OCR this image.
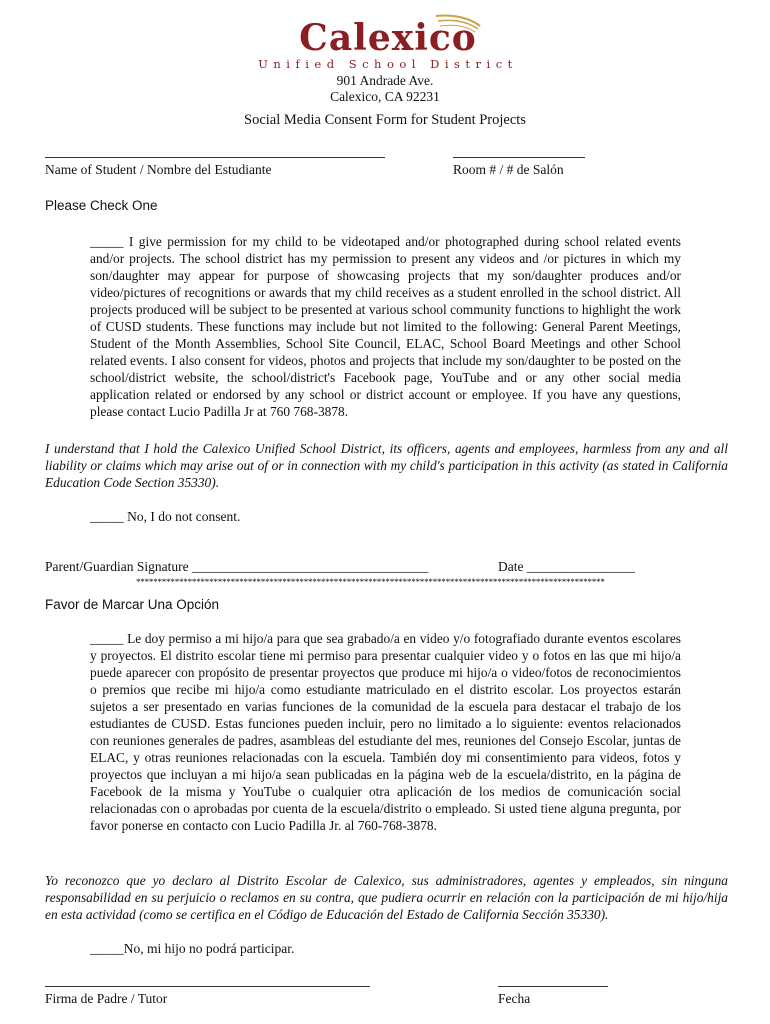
Calexico
Unified School District
901 Andrade Ave.
Calexico, CA 92231
Social Media Consent Form for Student Projects
Name of Student / Nombre del Estudiante	Room # / # de Salón
Please Check One
_____ I give permission for my child to be videotaped and/or photographed during school related events and/or projects. The school district has my permission to present any videos and /or pictures in which my son/daughter may appear for purpose of showcasing projects that my son/daughter produces and/or video/pictures of recognitions or awards that my child receives as a student enrolled in the school district. All projects produced will be subject to be presented at various school community functions to highlight the work of CUSD students. These functions may include but not limited to the following: General Parent Meetings, Student of the Month Assemblies, School Site Council, ELAC, School Board Meetings and other School related events. I also consent for videos, photos and projects that include my son/daughter to be posted on the school/district website, the school/district's Facebook page, YouTube and or any other social media application related or endorsed by any school or district account or employee. If you have any questions, please contact Lucio Padilla Jr at 760 768-3878.
I understand that I hold the Calexico Unified School District, its officers, agents and employees, harmless from any and all liability or claims which may arise out of or in connection with my child's participation in this activity (as stated in California Education Code Section 35330).
_____ No, I do not consent.
Parent/Guardian Signature ___________________________________	Date ________________
*************************************************************************************************************
Favor de Marcar Una Opción
_____ Le doy permiso a mi hijo/a para que sea grabado/a en video y/o fotografiado durante eventos escolares y proyectos. El distrito escolar tiene mi permiso para presentar cualquier video y o fotos en las que mi hijo/a puede aparecer con propósito de presentar proyectos que produce mi hijo/a o video/fotos de reconocimientos o premios que recibe mi hijo/a como estudiante matriculado en el distrito escolar. Los proyectos estarán sujetos a ser presentado en varias funciones de la comunidad de la escuela para destacar el trabajo de los estudiantes de CUSD. Estas funciones pueden incluir, pero no limitado a lo siguiente: eventos relacionados con reuniones generales de padres, asambleas del estudiante del mes, reuniones del Consejo Escolar, juntas de ELAC, y otras reuniones relacionadas con la escuela. También doy mi consentimiento para videos, fotos y proyectos que incluyan a mi hijo/a sean publicadas en la página web de la escuela/distrito, en la página de Facebook de la misma y YouTube o cualquier otra aplicación de los medios de comunicación social relacionadas con o aprobadas por cuenta de la escuela/distrito o empleado. Si usted tiene alguna pregunta, por favor ponerse en contacto con Lucio Padilla Jr. al 760-768-3878.
Yo reconozco que yo declaro al Distrito Escolar de Calexico, sus administradores, agentes y empleados, sin ninguna responsabilidad en su perjuicio o reclamos en su contra, que pudiera ocurrir en relación con la participación de mi hijo/hija en esta actividad (como se certifica en el Código de Educación del Estado de California Sección 35330).
_____No, mi hijo no podrá participar.
Firma de Padre / Tutor	Fecha
